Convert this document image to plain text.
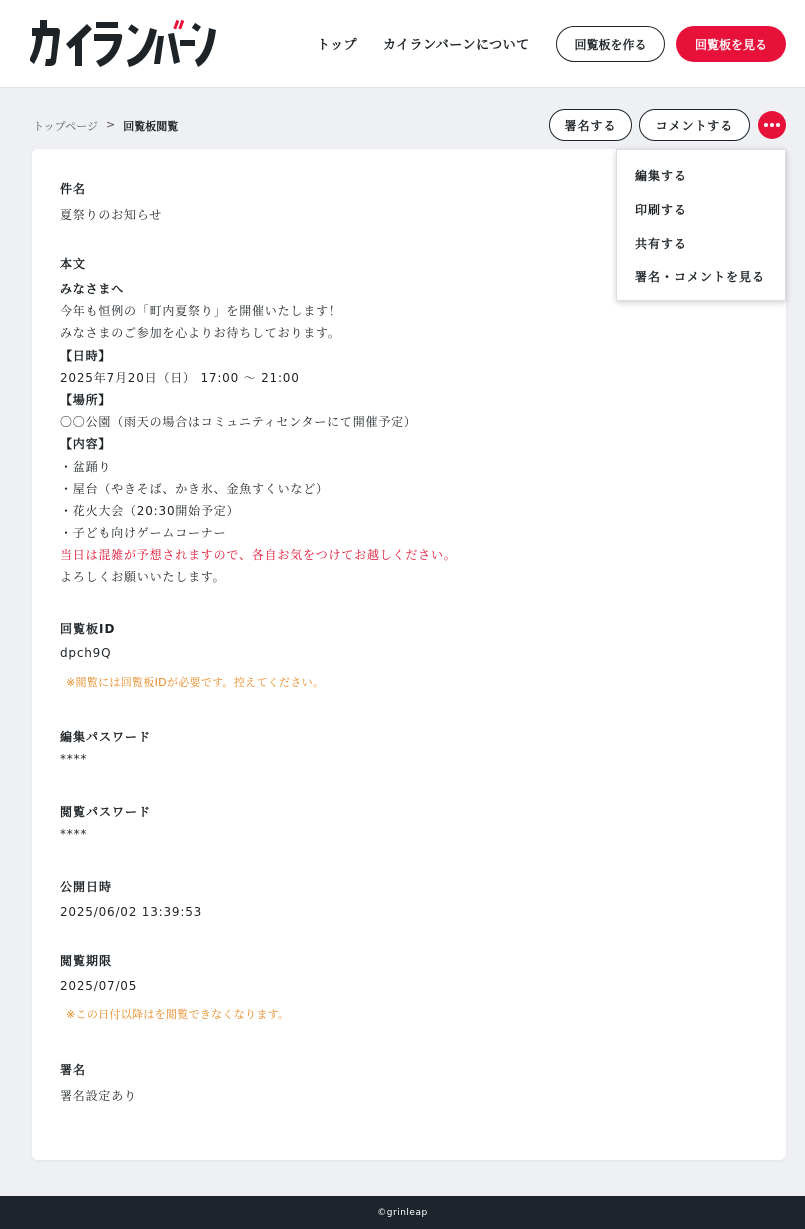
トップ カイランバーンについて	回覧板を作る	回覧板を見る
トップページ > 回覧板閲覧	署名する	コメントする
件名
夏祭りのお知らせ
本文
みなさまへ
今年も恒例の「町内夏祭り」を開催いたします！
みなさまのご参加を心よりお待ちしております。
【日時】
2025年7月20日（日） 17:00 〜 21:00
【場所】
〇〇公園（雨天の場合はコミュニティセンターにて開催予定）
【内容】
・盆踊り
・屋台（やきそば、かき氷、金魚すくいなど）
・花火大会（20:30開始予定）
・子ども向けゲームコーナー
当日は混雑が予想されますので、各自お気をつけてお越しください。
よろしくお願いいたします。
回覧板ID
dpch9Q
※閲覧には回覧板IDが必要です。控えてください。
編集パスワード
****
閲覧パスワード
****
公開日時
2025/06/02 13:39:53
閲覧期限
2025/07/05
※この日付以降はを閲覧できなくなります。
署名
署名設定あり
編集する
印刷する
共有する
署名・コメントを見る
©grinleap
